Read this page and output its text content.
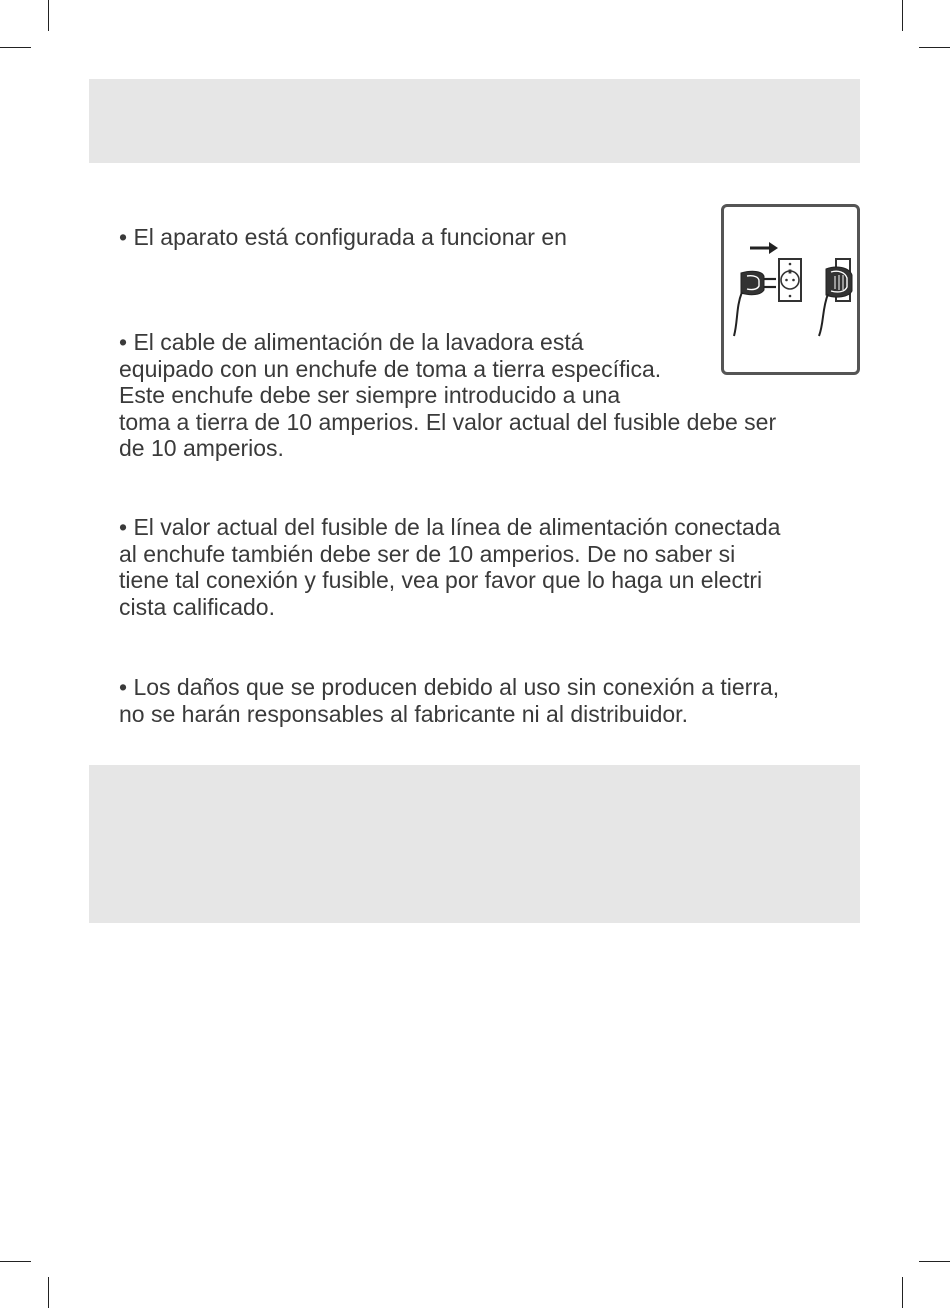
• El aparato está configurada a funcionar en

• El cable de alimentación de la lavadora está
equipado con un enchufe de toma a tierra específica.
Este enchufe debe ser siempre introducido a una
toma a tierra de 10 amperios. El valor actual del fusible debe ser
de 10 amperios.

• El valor actual del fusible de la línea de alimentación conectada
al enchufe también debe ser de 10 amperios. De no saber si
tiene tal conexión y fusible, vea por favor que lo haga un electri
cista calificado.

• Los daños que se producen debido al uso sin conexión a tierra,
no se harán responsables al fabricante ni al distribuidor.
